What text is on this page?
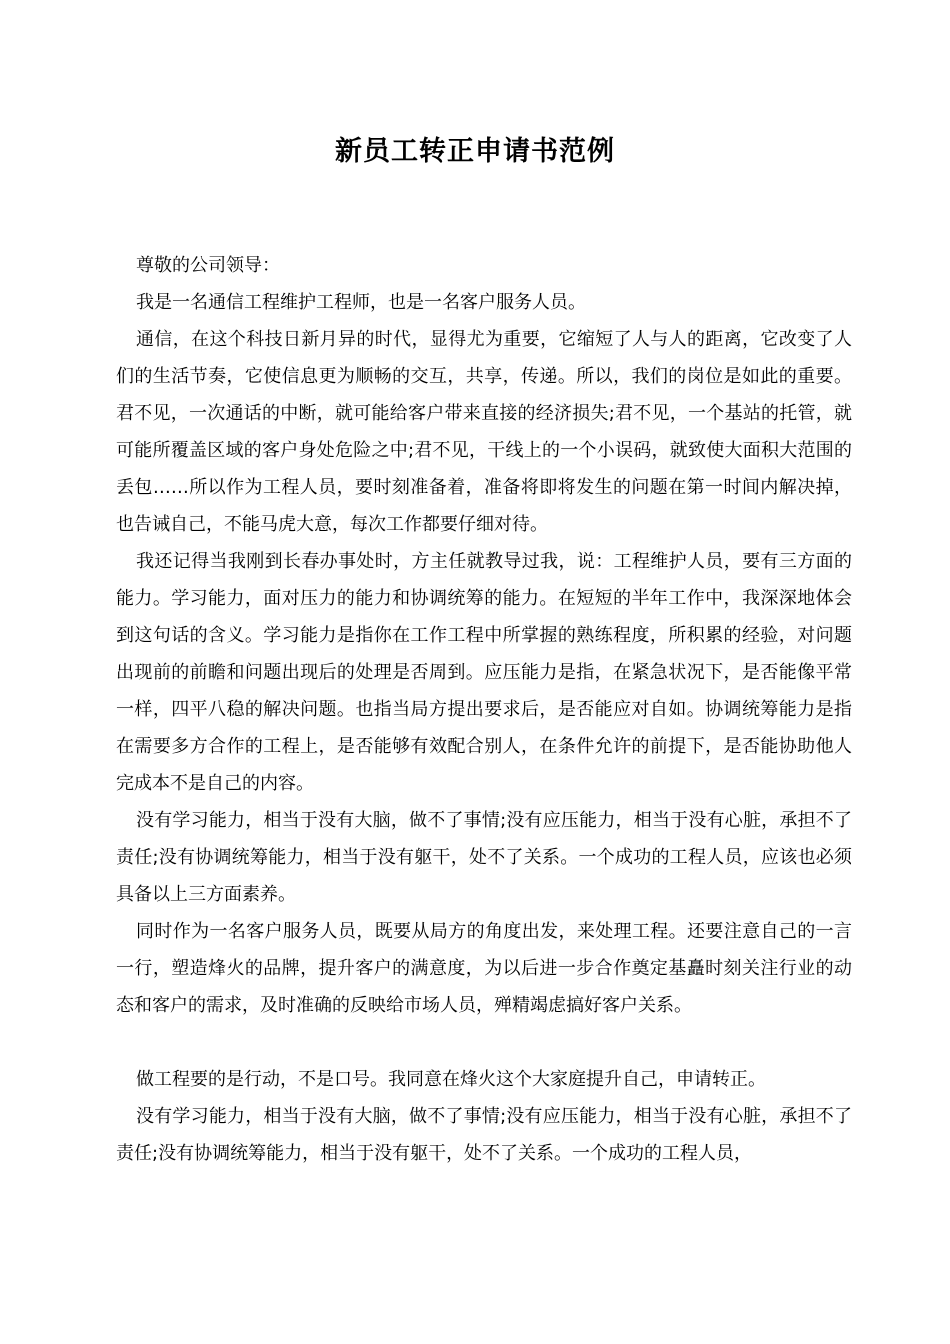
新员工转正申请书范例

尊敬的公司领导：

我是一名通信工程维护工程师，也是一名客户服务人员。

通信，在这个科技日新月异的时代，显得尤为重要，它缩短了人与人的距离，它改变了人们的生活节奏，它使信息更为顺畅的交互，共享，传递。所以，我们的岗位是如此的重要。君不见，一次通话的中断，就可能给客户带来直接的经济损失;君不见，一个基站的托管，就可能所覆盖区域的客户身处危险之中;君不见，干线上的一个小误码，就致使大面积大范围的丢包……所以作为工程人员，要时刻准备着，准备将即将发生的问题在第一时间内解决掉，也告诫自己，不能马虎大意，每次工作都要仔细对待。

我还记得当我刚到长春办事处时，方主任就教导过我，说：工程维护人员，要有三方面的能力。学习能力，面对压力的能力和协调统筹的能力。在短短的半年工作中，我深深地体会到这句话的含义。学习能力是指你在工作工程中所掌握的熟练程度，所积累的经验，对问题出现前的前瞻和问题出现后的处理是否周到。应压能力是指，在紧急状况下，是否能像平常一样，四平八稳的解决问题。也指当局方提出要求后，是否能应对自如。协调统筹能力是指在需要多方合作的工程上，是否能够有效配合别人，在条件允许的前提下，是否能协助他人完成本不是自己的内容。

没有学习能力，相当于没有大脑，做不了事情;没有应压能力，相当于没有心脏，承担不了责任;没有协调统筹能力，相当于没有躯干，处不了关系。一个成功的工程人员，应该也必须具备以上三方面素养。

同时作为一名客户服务人员，既要从局方的角度出发，来处理工程。还要注意自己的一言一行，塑造烽火的品牌，提升客户的满意度，为以后进一步合作奠定基矗时刻关注行业的动态和客户的需求，及时准确的反映给市场人员，殚精竭虑搞好客户关系。

做工程要的是行动，不是口号。我同意在烽火这个大家庭提升自己，申请转正。

没有学习能力，相当于没有大脑，做不了事情;没有应压能力，相当于没有心脏，承担不了责任;没有协调统筹能力，相当于没有躯干，处不了关系。一个成功的工程人员，
